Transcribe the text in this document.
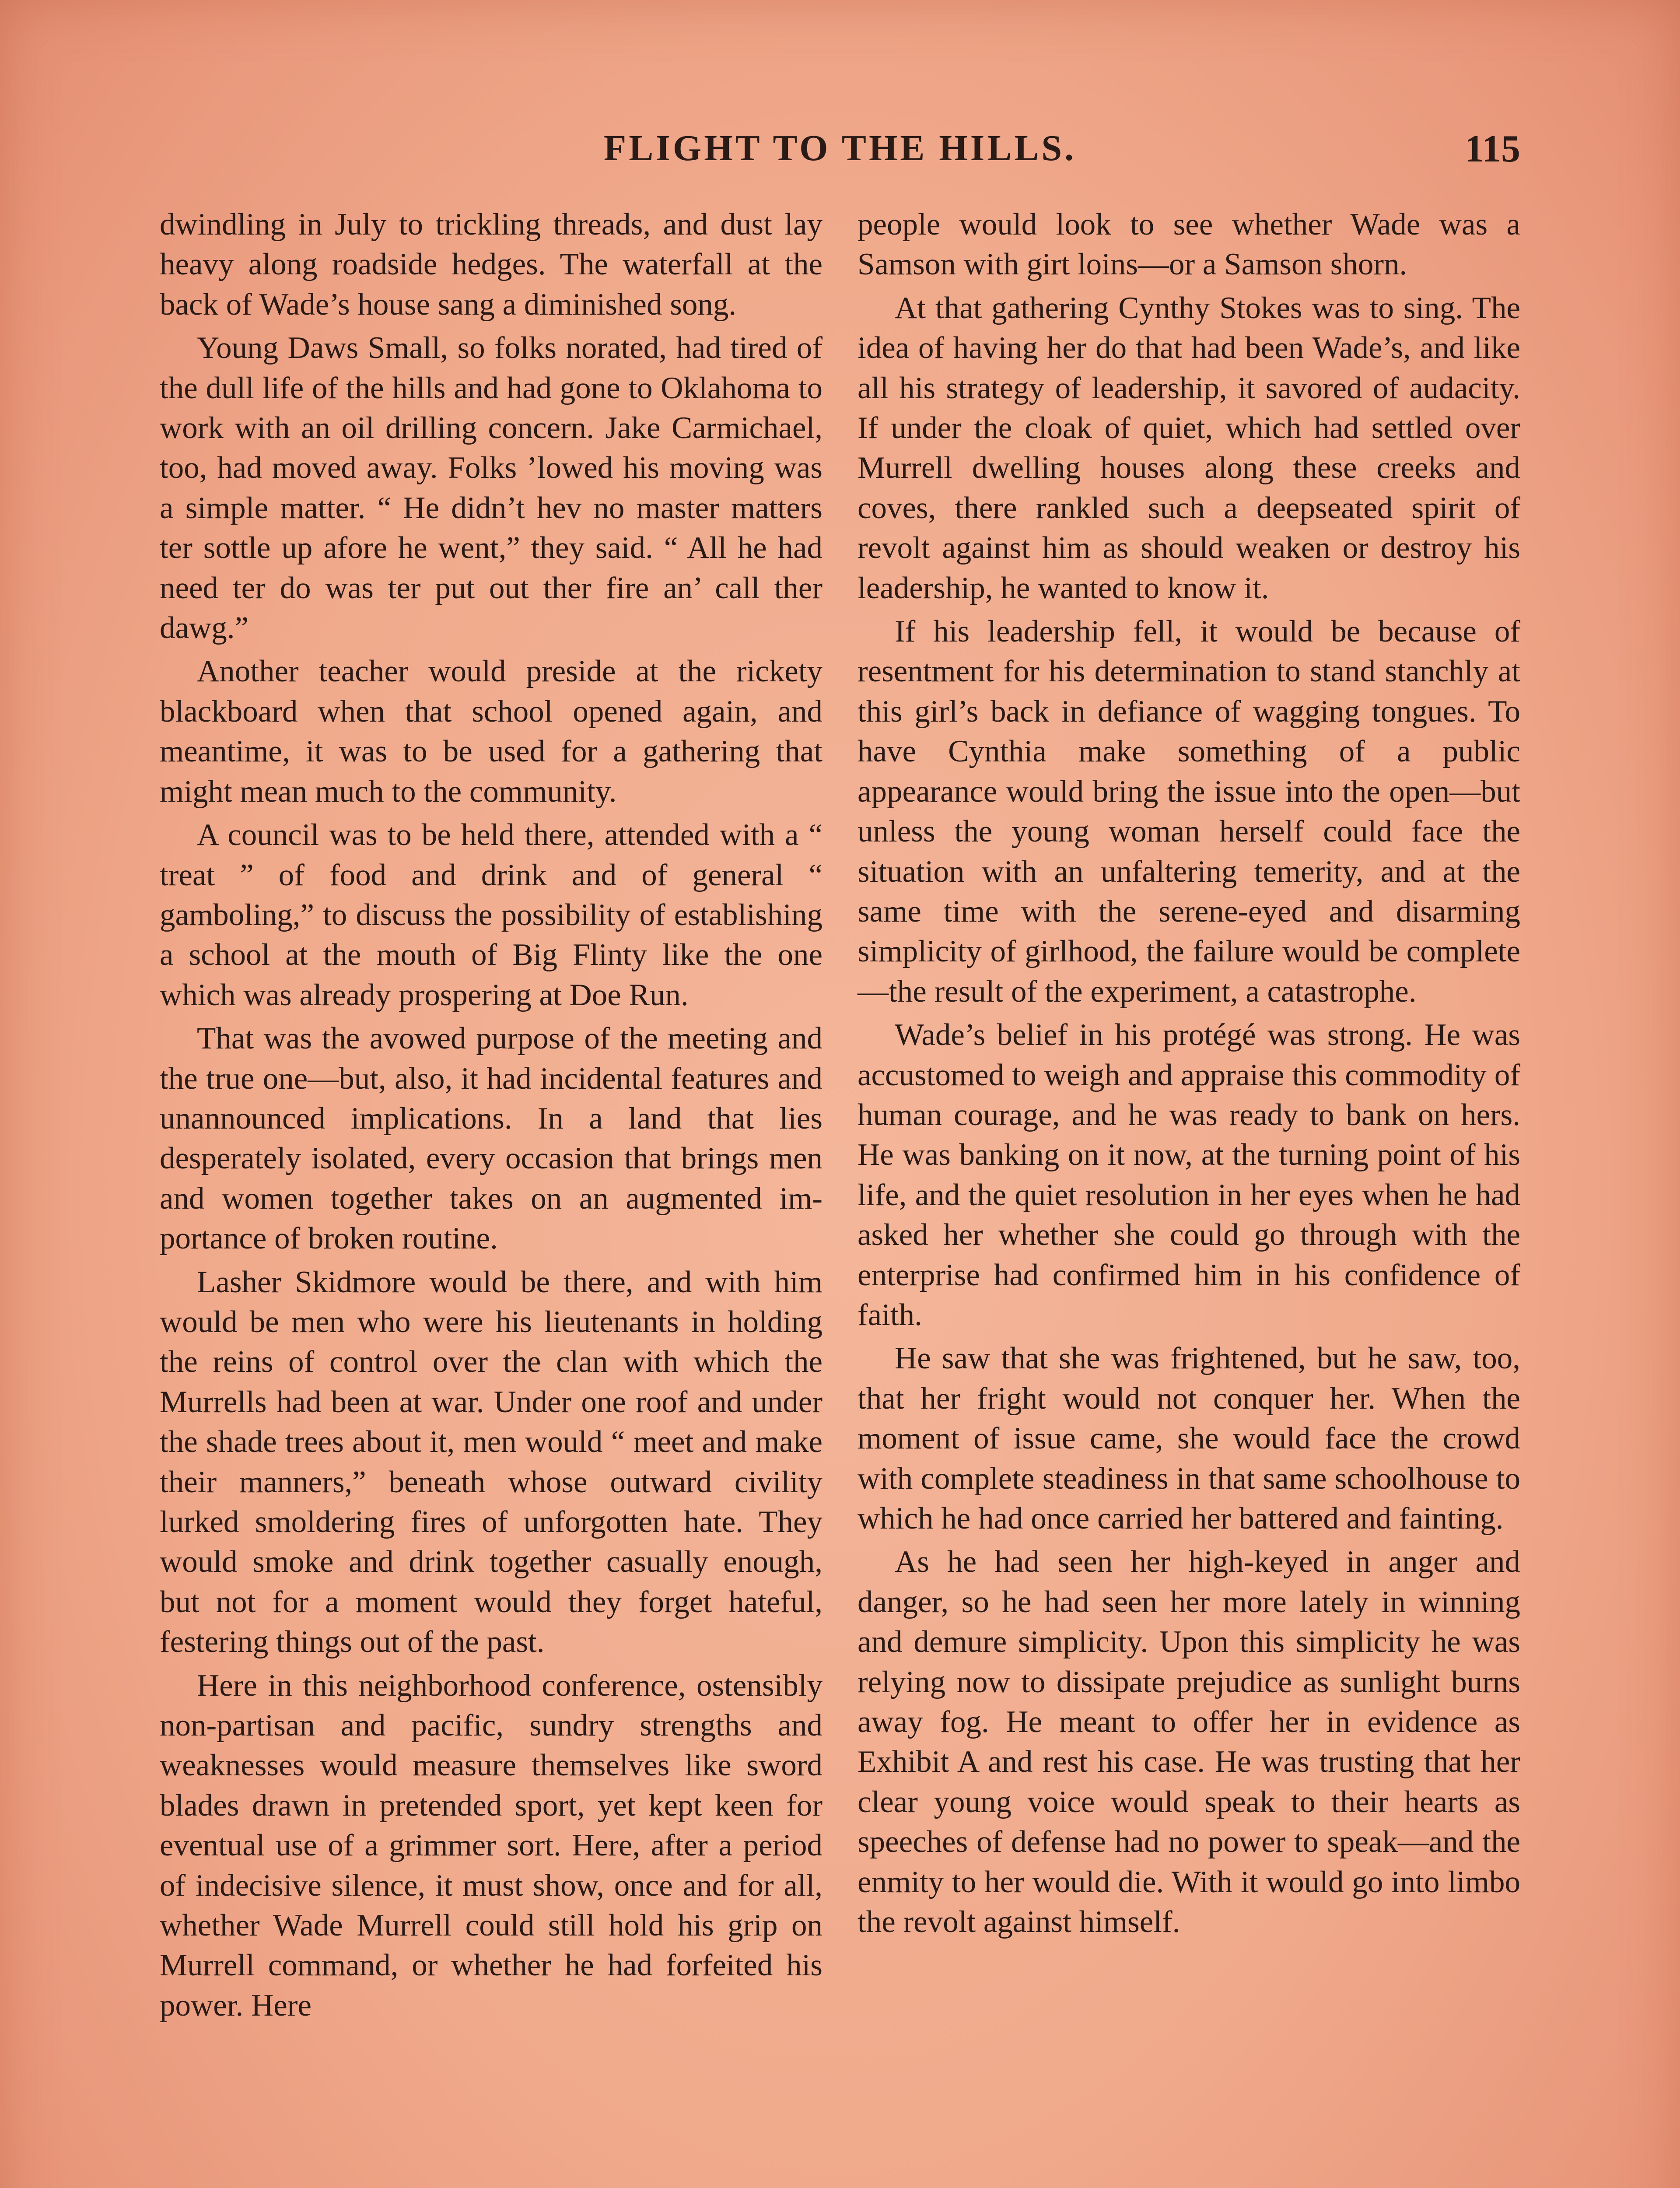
FLIGHT TO THE HILLS.	115

dwindling in July to trickling threads, and dust lay heavy along roadside hedges. The waterfall at the back of Wade’s house sang a diminished song.

Young Daws Small, so folks norated, had tired of the dull life of the hills and had gone to Oklahoma to work with an oil drilling concern. Jake Carmichael, too, had moved away. Folks ’lowed his moving was a simple matter. “ He didn’t hev no master matters ter sottle up afore he went,” they said. “ All he had need ter do was ter put out ther fire an’ call ther dawg.”

Another teacher would preside at the rickety blackboard when that school opened again, and meantime, it was to be used for a gathering that might mean much to the community.

A council was to be held there, attended with a “ treat ” of food and drink and of general “ gamboling,” to discuss the possibility of establishing a school at the mouth of Big Flinty like the one which was already prospering at Doe Run.

That was the avowed purpose of the meeting and the true one—but, also, it had incidental features and unannounced implications. In a land that lies desperately isolated, every occasion that brings men and women together takes on an augmented importance of broken routine.

Lasher Skidmore would be there, and with him would be men who were his lieutenants in holding the reins of control over the clan with which the Murrells had been at war. Under one roof and under the shade trees about it, men would “ meet and make their manners,” beneath whose outward civility lurked smoldering fires of unforgotten hate. They would smoke and drink together casually enough, but not for a moment would they forget hateful, festering things out of the past.

Here in this neighborhood conference, ostensibly non-partisan and pacific, sundry strengths and weaknesses would measure themselves like sword blades drawn in pretended sport, yet kept keen for eventual use of a grimmer sort. Here, after a period of indecisive silence, it must show, once and for all, whether Wade Murrell could still hold his grip on Murrell command, or whether he had forfeited his power. Here

people would look to see whether Wade was a Samson with girt loins—or a Samson shorn.

At that gathering Cynthy Stokes was to sing. The idea of having her do that had been Wade’s, and like all his strategy of leadership, it savored of audacity. If under the cloak of quiet, which had settled over Murrell dwelling houses along these creeks and coves, there rankled such a deepseated spirit of revolt against him as should weaken or destroy his leadership, he wanted to know it.

If his leadership fell, it would be because of resentment for his determination to stand stanchly at this girl’s back in defiance of wagging tongues. To have Cynthia make something of a public appearance would bring the issue into the open—but unless the young woman herself could face the situation with an unfaltering temerity, and at the same time with the serene-eyed and disarming simplicity of girlhood, the failure would be complete—the result of the experiment, a catastrophe.

Wade’s belief in his protégé was strong. He was accustomed to weigh and appraise this commodity of human courage, and he was ready to bank on hers. He was banking on it now, at the turning point of his life, and the quiet resolution in her eyes when he had asked her whether she could go through with the enterprise had confirmed him in his confidence of faith.

He saw that she was frightened, but he saw, too, that her fright would not conquer her. When the moment of issue came, she would face the crowd with complete steadiness in that same schoolhouse to which he had once carried her battered and fainting.

As he had seen her high-keyed in anger and danger, so he had seen her more lately in winning and demure simplicity. Upon this simplicity he was relying now to dissipate prejudice as sunlight burns away fog. He meant to offer her in evidence as Exhibit A and rest his case. He was trusting that her clear young voice would speak to their hearts as speeches of defense had no power to speak—and the enmity to her would die. With it would go into limbo the revolt against himself.
